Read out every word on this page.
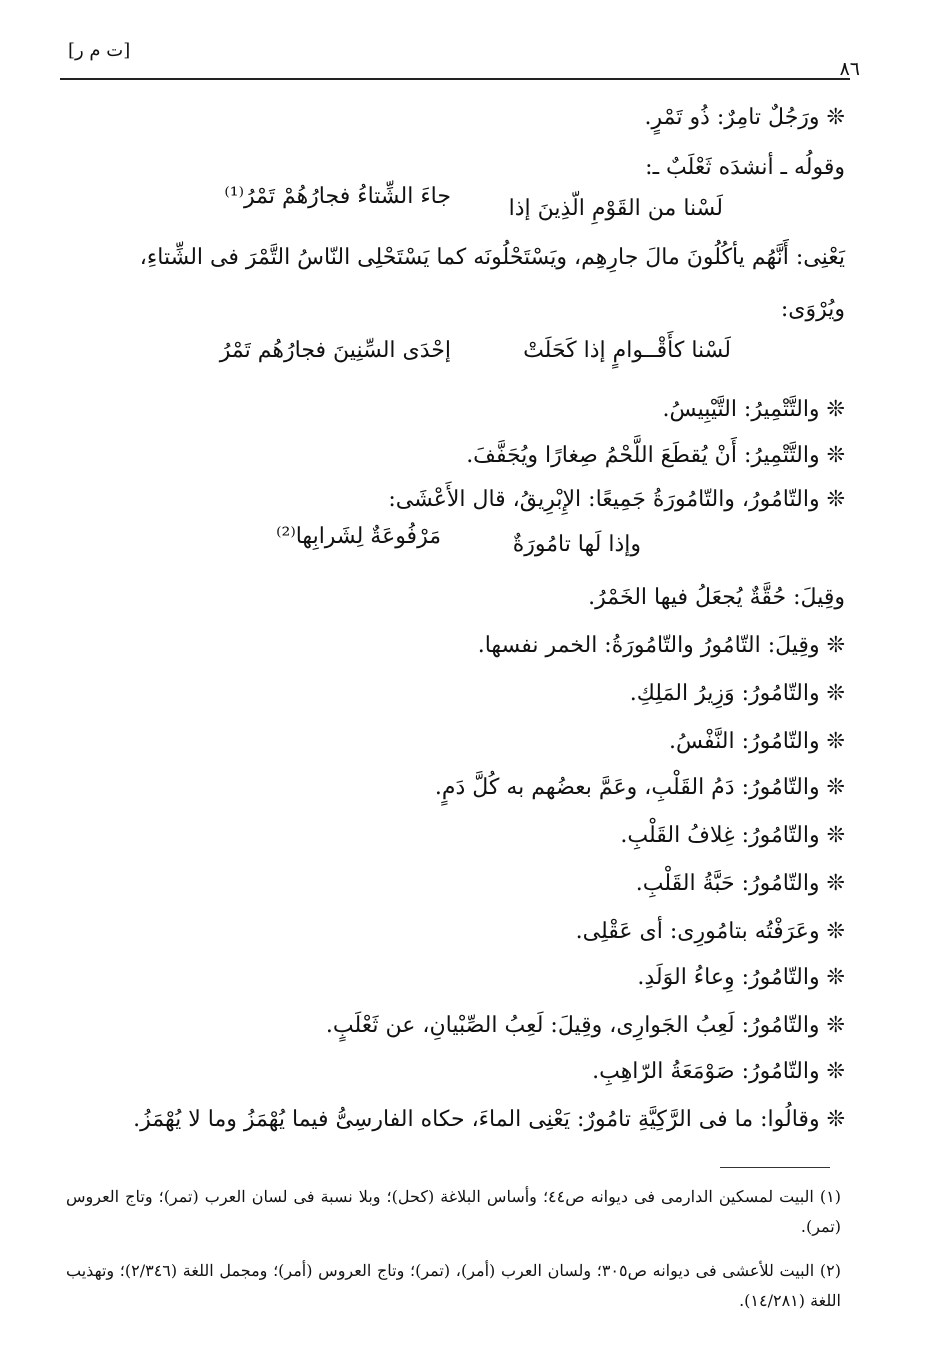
[ت م ر]
٨٦
❊ ورَجُلٌ تامِرٌ: ذُو تَمْرٍ.
وقولُه ـ أنشدَه ثَعْلَبٌ ـ:
يَعْنِى: أَنَّهُم يأكُلُونَ مالَ جارِهِم، ويَسْتَحْلُونَه كما يَسْتَحْلِى النّاسُ التَّمْرَ فى الشِّتاءِ،
ويُرْوَى:
❊ والتَّتْمِيرُ: التَّيْبِيسُ.
❊ والتَّتْمِيرُ: أَنْ يُقطَعَ اللَّحْمُ صِغارًا ويُجَفَّفَ.
❊ والتّامُورُ، والتّامُورَةُ جَمِيعًا: الإِبْرِيقُ، قال الأَعْشَى:
وقِيلَ: حُقَّةٌ يُجعَلُ فيها الخَمْرُ.
❊ وقِيلَ: التّامُورُ والتّامُورَةُ: الخمر نفسها.
❊ والتّامُورُ: وَزِيرُ المَلِكِ.
❊ والتّامُورُ: النَّفْسُ.
❊ والتّامُورُ: دَمُ القَلْبِ، وعَمَّ بعضُهم به كُلَّ دَمٍ.
❊ والتّامُورُ: غِلافُ القَلْبِ.
❊ والتّامُورُ: حَبَّةُ القَلْبِ.
❊ وعَرَفْتُه بتامُورِى: أى عَقْلِى.
❊ والتّامُورُ: وِعاءُ الوَلَدِ.
❊ والتّامُورُ: لَعِبُ الجَوارِى، وقِيلَ: لَعِبُ الصِّبْيانِ، عن ثَعْلَبٍ.
❊ والتّامُورُ: صَوْمَعَةُ الرّاهِبِ.
❊ وقالُوا: ما فى الرَّكِيَّةِ تامُورٌ: يَعْنِى الماءَ، حكاه الفارسِىُّ فيما يُهْمَزُ وما لا يُهْمَزُ.
لَسْنا من القَوْمِ الّذِينَ إذا
جاءَ الشِّتاءُ فجارُهُمْ تَمْرُ⁽¹⁾
لَسْنا كأَقْــوامٍ إذا كَحَلَتْ
إحْدَى السِّنِينَ فجارُهُم تَمْرُ
وإذا لَها تامُورَةٌ
مَرْفُوعَةٌ لِشَرابِها⁽²⁾
(١) البيت لمسكين الدارمى فى ديوانه ص٤٤؛ وأساس البلاغة (كحل)؛ وبلا نسبة فى لسان العرب (تمر)؛ وتاج العروس (تمر).
(٢) البيت للأعشى فى ديوانه ص٣٠٥؛ ولسان العرب (أمر)، (تمر)؛ وتاج العروس (أمر)؛ ومجمل اللغة (٢/٣٤٦)؛ وتهذيب اللغة (١٤/٢٨١).
